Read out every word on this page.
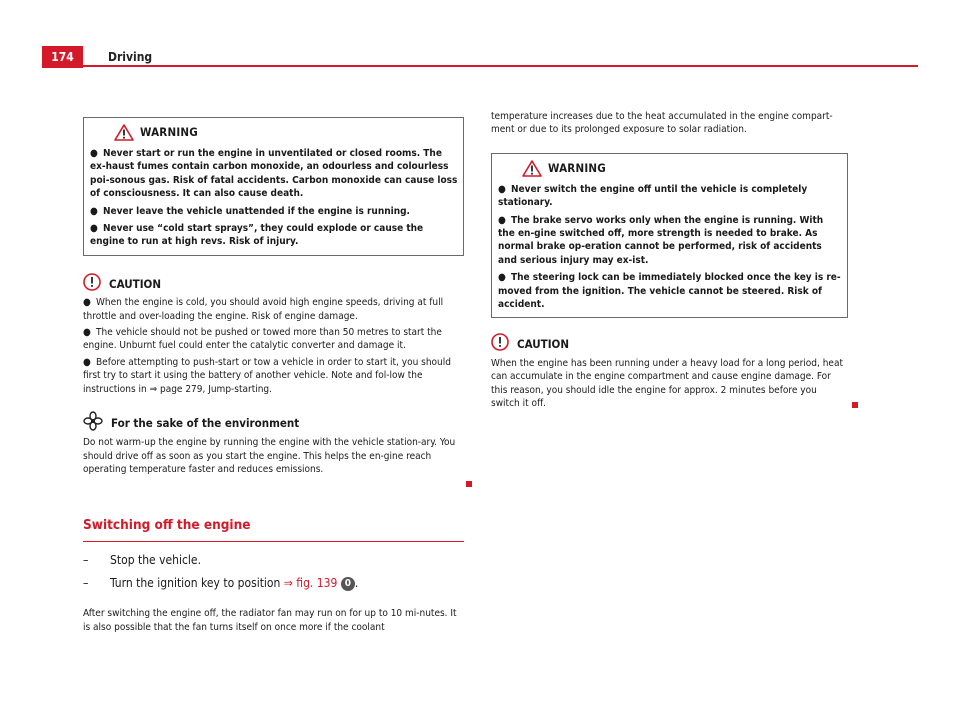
174	Driving
WARNING

● Never start or run the engine in unventilated or closed rooms. The ex-haust fumes contain carbon monoxide, an odourless and colourless poi-sonous gas. Risk of fatal accidents. Carbon monoxide can cause loss of consciousness. It can also cause death.

● Never leave the vehicle unattended if the engine is running.

● Never use “cold start sprays”, they could explode or cause the engine to run at high revs. Risk of injury.

CAUTION

● When the engine is cold, you should avoid high engine speeds, driving at full throttle and over-loading the engine. Risk of engine damage.

● The vehicle should not be pushed or towed more than 50 metres to start the engine. Unburnt fuel could enter the catalytic converter and damage it.

● Before attempting to push-start or tow a vehicle in order to start it, you should first try to start it using the battery of another vehicle. Note and fol-low the instructions in ⇒ page 279, Jump-starting.

For the sake of the environment

Do not warm-up the engine by running the engine with the vehicle station-ary. You should drive off as soon as you start the engine. This helps the en-gine reach operating temperature faster and reduces emissions.

Switching off the engine

–	Stop the vehicle.

–	Turn the ignition key to position ⇒ fig. 139 0 .

After switching the engine off, the radiator fan may run on for up to 10 mi-nutes. It is also possible that the fan turns itself on once more if the coolant

temperature increases due to the heat accumulated in the engine compart-ment or due to its prolonged exposure to solar radiation.

WARNING

● Never switch the engine off until the vehicle is completely stationary.

● The brake servo works only when the engine is running. With the en-gine switched off, more strength is needed to brake. As normal brake op-eration cannot be performed, risk of accidents and serious injury may ex-ist.

● The steering lock can be immediately blocked once the key is re-moved from the ignition. The vehicle cannot be steered. Risk of accident.

CAUTION

When the engine has been running under a heavy load for a long period, heat can accumulate in the engine compartment and cause engine damage. For this reason, you should idle the engine for approx. 2 minutes before you switch it off.
